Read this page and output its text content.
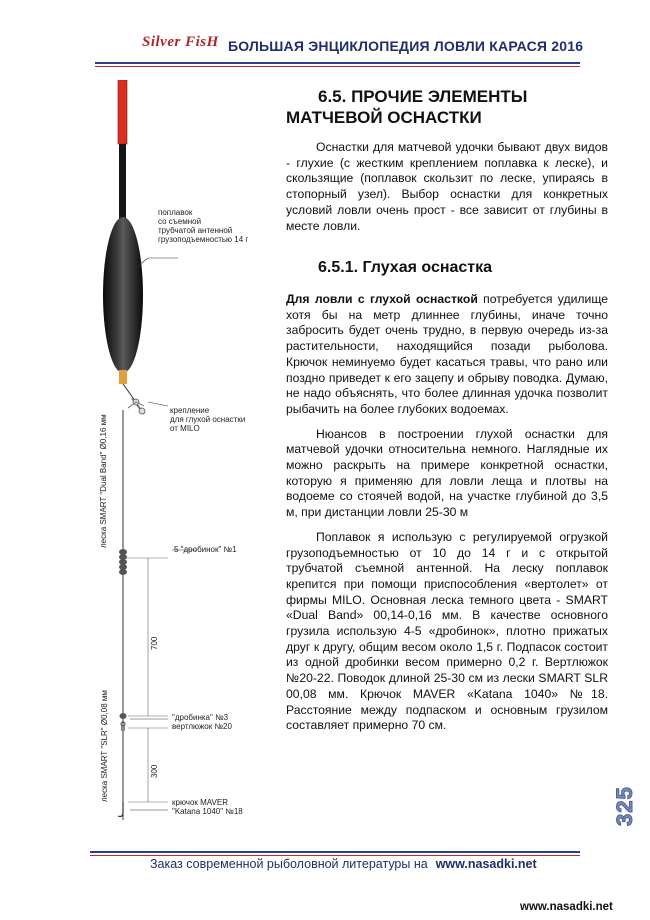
Silver FisH БОЛЬШАЯ ЭНЦИКЛОПЕДИЯ ЛОВЛИ КАРАСЯ 2016
поплавок
со съемной
трубчатой антенной
грузоподъемностью 14 г
крепление
для глухой оснастки
от MILO
леска SMART "Dual Band" Ø0,16 мм
5 "дробинок" №1
700
"дробинка" №3
вертлюжок №20
леска SMART "SLR" Ø0,08 мм	300
крючок MAVER
"Katana 1040" №18
6.5. ПРОЧИЕ ЭЛЕМЕНТЫ
МАТЧЕВОЙ ОСНАСТКИ

Оснастки для матчевой удочки бывают двух видов - глухие (с жестким креплением поплавка к леске), и скользящие (поплавок скользит по леске, упираясь в стопорный узел). Выбор оснастки для конкретных условий ловли очень прост - все зависит от глубины в месте ловли.

6.5.1. Глухая оснастка

Для ловли с глухой оснасткой потребуется удилище хотя бы на метр длиннее глубины, иначе точно забросить будет очень трудно, в первую очередь из-за растительности, находящийся позади рыболова. Крючок неминуемо будет касаться травы, что рано или поздно приведет к его зацепу и обрыву поводка. Думаю, не надо объяснять, что более длинная удочка позволит рыбачить на более глубоких водоемах.

Нюансов в построении глухой оснастки для матчевой удочки относительна немного. Наглядные их можно раскрыть на примере конкретной оснастки, которую я применяю для ловли леща и плотвы на водоеме со стоячей водой, на участке глубиной до 3,5 м, при дистанции ловли 25-30 м

Поплавок я использую с регулируемой огрузкой грузоподъемностью от 10 до 14 г и с открытой трубчатой съемной антенной. На леску поплавок крепится при помощи приспособления «вертолет» от фирмы MILO. Основная леска темного цвета - SMART «Dual Band» 00,14-0,16 мм. В качестве основного грузила использую 4-5 «дробинок», плотно прижатых друг к другу, общим весом около 1,5 г. Подпасок состоит из одной дробинки весом примерно 0,2 г. Вертлюжок №20-22. Поводок длиной 25-30 см из лески SMART SLR 00,08 мм. Крючок MAVER «Katana 1040» №18. Расстояние между подпаском и основным грузилом составляет примерно 70 см.

325
Заказ современной рыболовной литературы на www.nasadki.net
www.nasadki.net
